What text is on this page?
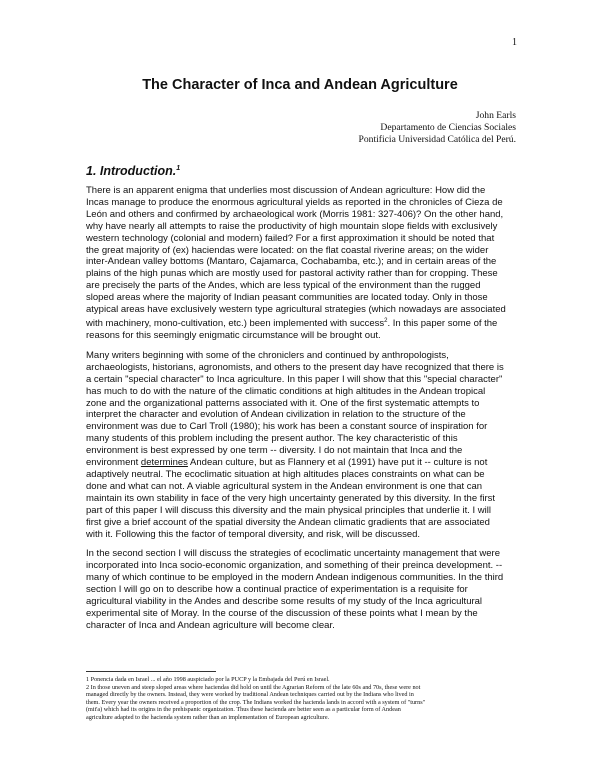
1
The Character of Inca and Andean Agriculture
John Earls
Departamento de Ciencias Sociales
Pontificia Universidad Católica del Perú.
1. Introduction.$^1$

There is an apparent enigma that underlies most discussion of Andean agriculture: How did the
Incas manage to produce the enormous agricultural yields as reported in the chronicles of Cieza de
León and others and confirmed by archaeological work (Morris 1981: 327-406)? On the other hand,
why have nearly all attempts to raise the productivity of high mountain slope fields with exclusively
western technology (colonial and modern) failed? For a first approximation it should be noted that
the great majority of (ex) haciendas were located: on the flat coastal riverine areas; on the wider
inter-Andean valley bottoms (Mantaro, Cajamarca, Cochabamba, etc.); and in certain areas of the
plains of the high punas which are mostly used for pastoral activity rather than for cropping. These
are precisely the parts of the Andes, which are less typical of the environment than the rugged
sloped areas where the majority of Indian peasant communities are located today. Only in those
atypical areas have exclusively western type agricultural strategies (which nowadays are associated
with machinery, mono-cultivation, etc.) been implemented with success$^2$. In this paper some of the
reasons for this seemingly enigmatic circumstance will be brought out.

Many writers beginning with some of the chroniclers and continued by anthropologists,
archaeologists, historians, agronomists, and others to the present day have recognized that there is
a certain "special character" to Inca agriculture. In this paper I will show that this "special character"
has much to do with the nature of the climatic conditions at high altitudes in the Andean tropical
zone and the organizational patterns associated with it. One of the first systematic attempts to
interpret the character and evolution of Andean civilization in relation to the structure of the
environment was due to Carl Troll (1980); his work has been a constant source of inspiration for
many students of this problem including the present author. The key characteristic of this
environment is best expressed by one term -- diversity. I do not maintain that Inca and the
environment determines Andean culture, but as Flannery et al (1991) have put it -- culture is not
adaptively neutral. The ecoclimatic situation at high altitudes places constraints on what can be
done and what can not. A viable agricultural system in the Andean environment is one that can
maintain its own stability in face of the very high uncertainty generated by this diversity. In the first
part of this paper I will discuss this diversity and the main physical principles that underlie it. I will
first give a brief account of the spatial diversity the Andean climatic gradients that are associated
with it. Following this the factor of temporal diversity, and risk, will be discussed.

In the second section I will discuss the strategies of ecoclimatic uncertainty management that were
incorporated into Inca socio-economic organization, and something of their preinca development. --
many of which continue to be employed in the modern Andean indigenous communities. In the third
section I will go on to describe how a continual practice of experimentation is a requisite for
agricultural viability in the Andes and describe some results of my study of the Inca agricultural
experimental site of Moray. In the course of the discussion of these points what I mean by the
character of Inca and Andean agriculture will become clear.

1 Ponencia dada en Israel ... el año 1998 auspiciado por la PUCP y la Embajada del Perú en Israel.
2 In those uneven and steep sloped areas where haciendas did hold on until the Agrarian Reform of the late 60s and 70s, these were not
managed directly by the owners. Instead, they were worked by traditional Andean techniques carried out by the Indians who lived in
them. Every year the owners received a proportion of the crop. The Indians worked the hacienda lands in accord with a system of "turns"
(mit'a) which had its origins in the prehispanic organization. Thus these hacienda are better seen as a particular form of Andean
agriculture adapted to the hacienda system rather than an implementation of European agriculture.
